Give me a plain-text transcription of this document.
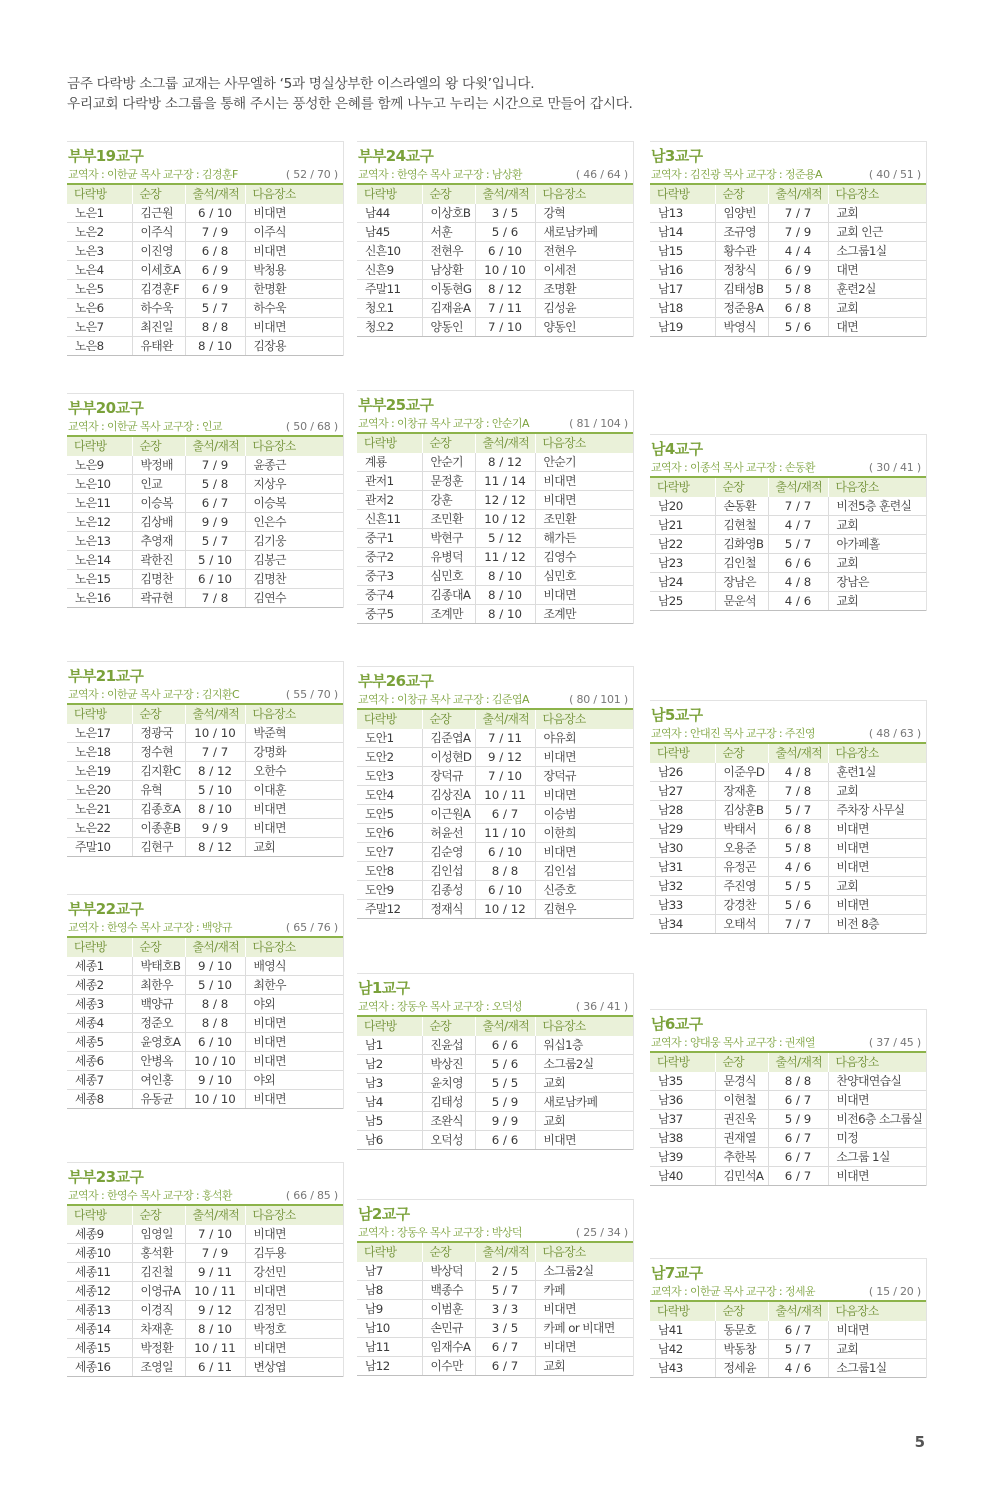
금주 다락방 소그룹 교재는 사무엘하 ‘5과 명실상부한 이스라엘의 왕 다윗’입니다.

우리교회 다락방 소그룹을 통해 주시는 풍성한 은혜를 함께 나누고 누리는 시간으로 만들어 갑시다.

부부19교구
교역자 : 이한균 목사 교구장 : 김경훈F	( 52 / 70 )
다락방	순장	출석/재적	다음장소
노은1	김근원	6 / 10	비대면
노은2	이주식	7 / 9	이주식
노은3	이진영	6 / 8	비대면
노은4	이세호A	6 / 9	박청용
노은5	김경훈F	6 / 9	한명환
노은6	하수욱	5 / 7	하수욱
노은7	최진일	8 / 8	비대면
노은8	유태완	8 / 10	김장용
부부20교구
교역자 : 이한균 목사 교구장 : 인교	( 50 / 68 )
다락방	순장	출석/재적	다음장소
노은9	박정배	7 / 9	윤종근
노은10	인교	5 / 8	지상우
노은11	이승복	6 / 7	이승복
노은12	김상배	9 / 9	인은수
노은13	추영재	5 / 7	김기웅
노은14	곽한진	5 / 10	김봉근
노은15	김명찬	6 / 10	김명찬
노은16	곽규현	7 / 8	김연수
부부21교구
교역자 : 이한균 목사 교구장 : 김지환C	( 55 / 70 )
다락방	순장	출석/재적	다음장소
노은17	정광국	10 / 10	박준혁
노은18	정수현	7 / 7	강명화
노은19	김지환C	8 / 12	오한수
노은20	유혁	5 / 10	이대훈
노은21	김종호A	8 / 10	비대면
노은22	이종훈B	9 / 9	비대면
주말10	김현구	8 / 12	교회
부부22교구
교역자 : 한영수 목사 교구장 : 백양규	( 65 / 76 )
다락방	순장	출석/재적	다음장소
세종1	박태호B	9 / 10	배영식
세종2	최한우	5 / 10	최한우
세종3	백양규	8 / 8	야외
세종4	정준오	8 / 8	비대면
세종5	윤영호A	6 / 10	비대면
세종6	안병옥	10 / 10	비대면
세종7	여인홍	9 / 10	야외
세종8	유동균	10 / 10	비대면
부부23교구
교역자 : 한영수 목사 교구장 : 홍석환	( 66 / 85 )
다락방	순장	출석/재적	다음장소
세종9	임영일	7 / 10	비대면
세종10	홍석환	7 / 9	김두용
세종11	김진철	9 / 11	강선민
세종12	이영규A	10 / 11	비대면
세종13	이경직	9 / 12	김정민
세종14	차재훈	8 / 10	박정호
세종15	박정환	10 / 11	비대면
세종16	조영일	6 / 11	변상엽
부부24교구
교역자 : 한영수 목사 교구장 : 남상환	( 46 / 64 )
다락방	순장	출석/재적	다음장소
남44	이상호B	3 / 5	강혁
남45	서훈	5 / 6	새로남카페
신흔10	전현우	6 / 10	전현우
신흔9	남상환	10 / 10	이세전
주말11	이동현G	8 / 12	조명환
청오1	김재윤A	7 / 11	김성윤
청오2	양동인	7 / 10	양동인
부부25교구
교역자 : 이창규 목사 교구장 : 안순기A	( 81 / 104 )
다락방	순장	출석/재적	다음장소
계룡	안순기	8 / 12	안순기
관저1	문정훈	11 / 14	비대면
관저2	강훈	12 / 12	비대면
신흔11	조민환	10 / 12	조민환
중구1	박현구	5 / 12	해가든
중구2	유병덕	11 / 12	김영수
중구3	심민호	8 / 10	심민호
중구4	김종대A	8 / 10	비대면
중구5	조계만	8 / 10	조계만
부부26교구
교역자 : 이창규 목사 교구장 : 김준엽A	( 80 / 101 )
다락방	순장	출석/재적	다음장소
도안1	김준엽A	7 / 11	야유회
도안2	이성현D	9 / 12	비대면
도안3	장덕규	7 / 10	장덕규
도안4	김상진A	10 / 11	비대면
도안5	이근원A	6 / 7	이승범
도안6	허윤선	11 / 10	이한희
도안7	김순영	6 / 10	비대면
도안8	김인섭	8 / 8	김인섭
도안9	김종성	6 / 10	신증호
주말12	정재식	10 / 12	김현우
남1교구
교역자 : 장동우 목사 교구장 : 오덕성	( 36 / 41 )
다락방	순장	출석/재적	다음장소
남1	진윤섭	6 / 6	워십1층
남2	박상진	5 / 6	소그룹2실
남3	윤치영	5 / 5	교회
남4	김태성	5 / 9	새로남카페
남5	조완식	9 / 9	교회
남6	오덕성	6 / 6	비대면
남2교구
교역자 : 장동우 목사 교구장 : 박상덕	( 25 / 34 )
다락방	순장	출석/재적	다음장소
남7	박상덕	2 / 5	소그룹2실
남8	백종수	5 / 7	카페
남9	이범훈	3 / 3	비대면
남10	손민규	3 / 5	카페 or 비대면
남11	임재수A	6 / 7	비대면
남12	이수만	6 / 7	교회
남3교구
교역자 : 김진광 목사 교구장 : 정준용A	( 40 / 51 )
다락방	순장	출석/재적	다음장소
남13	임양빈	7 / 7	교회
남14	조규영	7 / 9	교회 인근
남15	황수관	4 / 4	소그룹1실
남16	정창식	6 / 9	대면
남17	김태성B	5 / 8	훈련2실
남18	정준용A	6 / 8	교회
남19	박영식	5 / 6	대면
남4교구
교역자 : 이종석 목사 교구장 : 손동환	( 30 / 41 )
다락방	순장	출석/재적	다음장소
남20	손동환	7 / 7	비전5층 훈련실
남21	김현철	4 / 7	교회
남22	김화영B	5 / 7	아가페홀
남23	김인철	6 / 6	교회
남24	장남은	4 / 8	장남은
남25	문운석	4 / 6	교회
남5교구
교역자 : 안대진 목사 교구장 : 주진영	( 48 / 63 )
다락방	순장	출석/재적	다음장소
남26	이준우D	4 / 8	훈련1실
남27	장재훈	7 / 8	교회
남28	김상훈B	5 / 7	주차장 사무실
남29	박태서	6 / 8	비대면
남30	오용준	5 / 8	비대면
남31	유정곤	4 / 6	비대면
남32	주진영	5 / 5	교회
남33	강경찬	5 / 6	비대면
남34	오태석	7 / 7	비전 8층
남6교구
교역자 : 양대웅 목사 교구장 : 권재열	( 37 / 45 )
다락방	순장	출석/재적	다음장소
남35	문경식	8 / 8	찬양대연습실
남36	이현철	6 / 7	비대면
남37	권진욱	5 / 9	비전6층 소그룹실
남38	권재열	6 / 7	미정
남39	추한복	6 / 7	소그룹 1실
남40	김민석A	6 / 7	비대면
남7교구
교역자 : 이한균 목사 교구장 : 정세윤	( 15 / 20 )
다락방	순장	출석/재적	다음장소
남41	동문호	6 / 7	비대면
남42	박동창	5 / 7	교회
남43	정세윤	4 / 6	소그룹1실
5
